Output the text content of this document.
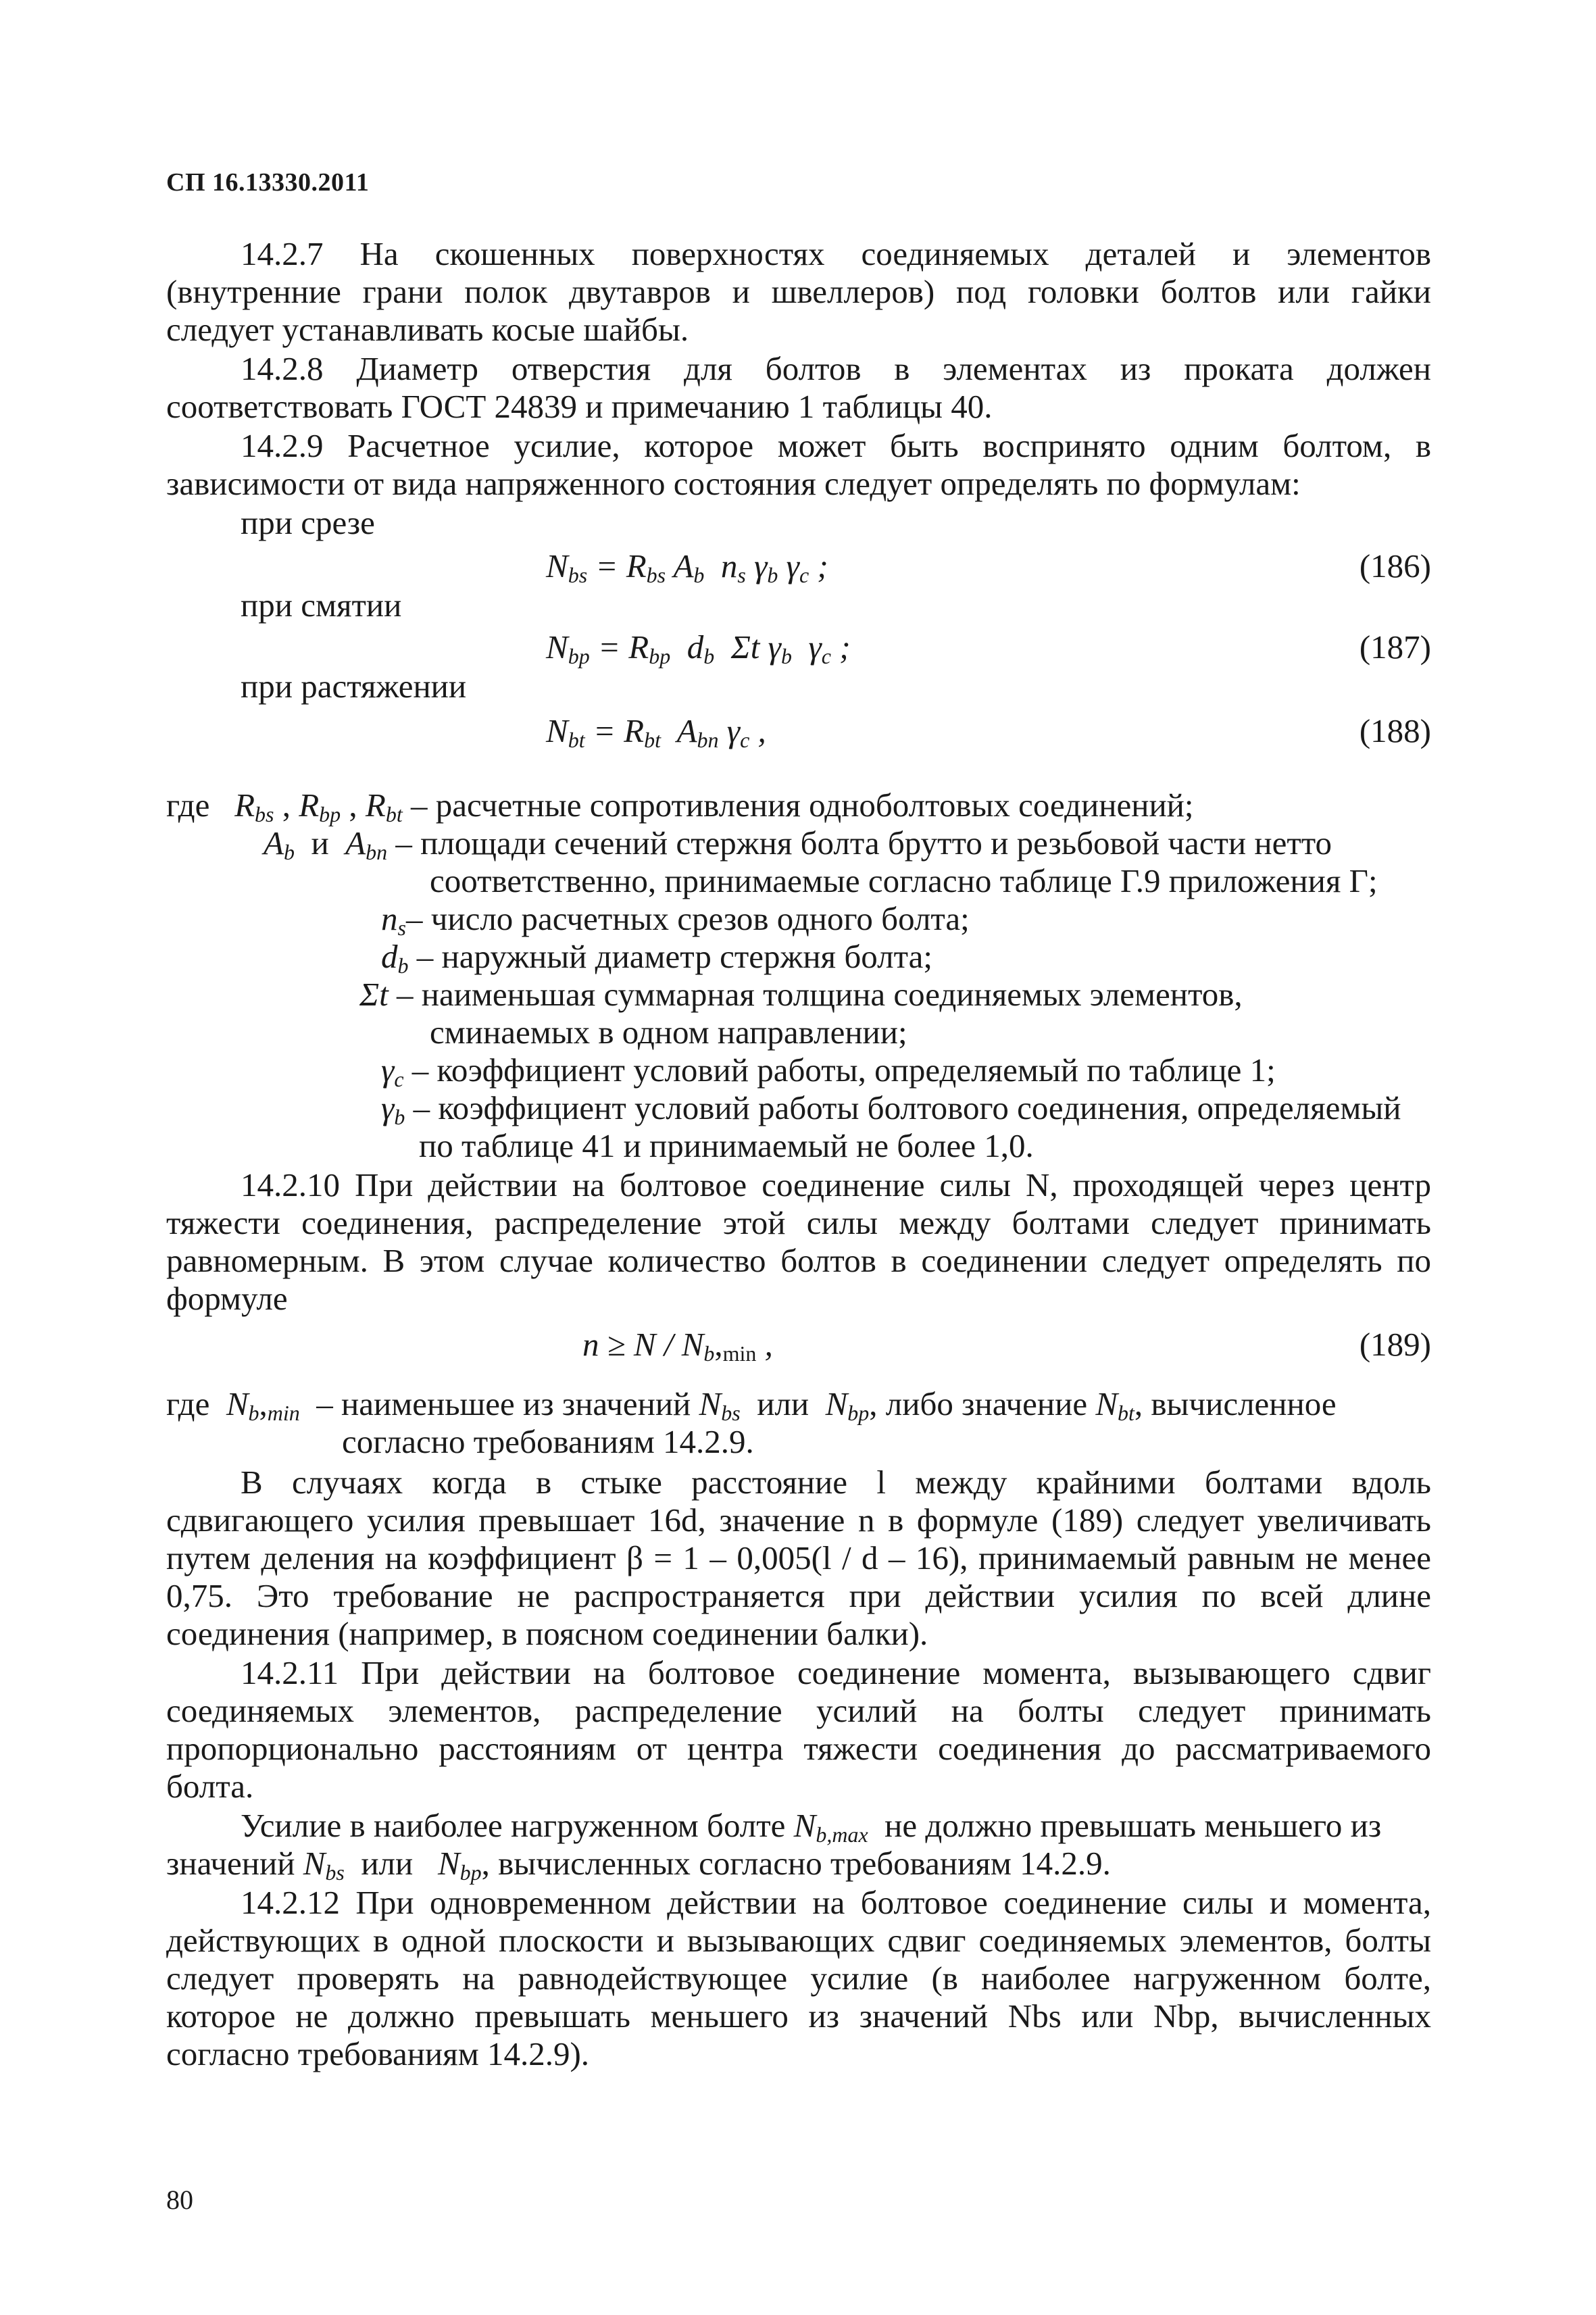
СП 16.13330.2011
14.2.7 На скошенных поверхностях соединяемых деталей и элементов
(внутренние грани полок двутавров и швеллеров) под головки болтов или гайки
следует устанавливать косые шайбы.
14.2.8 Диаметр отверстия для болтов в элементах из проката должен
соответствовать ГОСТ 24839 и примечанию 1 таблицы 40.
14.2.9 Расчетное усилие, которое может быть воспринято одним болтом, в
зависимости от вида напряженного состояния следует определять по формулам:
при срезе
$N_{bs} = R_{bs}$ $A_b$  $n_s$ $\gamma_b$ $\gamma_c$ ;	(186)
при смятии
$N_{bp} = R_{bp}$  $d_b$  Σt $\gamma_b$  $\gamma_c$ ;	(187)
при растяжении
$N_{bt} = R_{bt}$  $A_{bn}$ $\gamma_c$ ,	(188)
где $R_{bs}$ , $R_{bp}$ , $R_{bt}$ – расчетные сопротивления одноболтовых соединений;
$A_b$ и $A_{bn}$ – площади сечений стержня болта брутто и резьбовой части нетто
соответственно, принимаемые согласно таблице Г.9 приложения Г;
$n_s-$ число расчетных срезов одного болта;
$d_b$ – наружный диаметр стержня болта;
Σt – наименьшая суммарная толщина соединяемых элементов,
сминаемых в одном направлении;
$\gamma_c$ – коэффициент условий работы, определяемый по таблице 1;
$\gamma_b$ – коэффициент условий работы болтового соединения, определяемый
по таблице 41 и принимаемый не более 1,0.
14.2.10 При действии на болтовое соединение силы N, проходящей через центр
тяжести соединения, распределение этой силы между болтами следует принимать
равномерным. В этом случае количество болтов в соединении следует определять по
формуле
$n \ge N / N_b,_{min}$ ,	(189)
где $N_b,_{min}$ – наименьшее из значений $N_{bs}$ или $N_{bp}$, либо значение $N_{bt}$, вычисленное
согласно требованиям 14.2.9.
В случаях когда в стыке расстояние l между крайними болтами вдоль
сдвигающего усилия превышает 16d, значение n в формуле (189) следует увеличивать
путем деления на коэффициент β = 1 – 0,005(l / d – 16), принимаемый равным не менее
0,75. Это требование не распространяется при действии усилия по всей длине
соединения (например, в поясном соединении балки).
14.2.11 При действии на болтовое соединение момента, вызывающего сдвиг
соединяемых элементов, распределение усилий на болты следует принимать
пропорционально расстояниям от центра тяжести соединения до рассматриваемого
болта.
Усилие в наиболее нагруженном болте $N_{b,max}$ не должно превышать меньшего из
значений $N_{bs}$ или $N_{bp}$, вычисленных согласно требованиям 14.2.9.
14.2.12 При одновременном действии на болтовое соединение силы и момента,
действующих в одной плоскости и вызывающих сдвиг соединяемых элементов, болты
следует проверять на равнодействующее усилие (в наиболее нагруженном болте,
которое не должно превышать меньшего из значений Nbs или Nbp, вычисленных
согласно требованиям 14.2.9).
80
